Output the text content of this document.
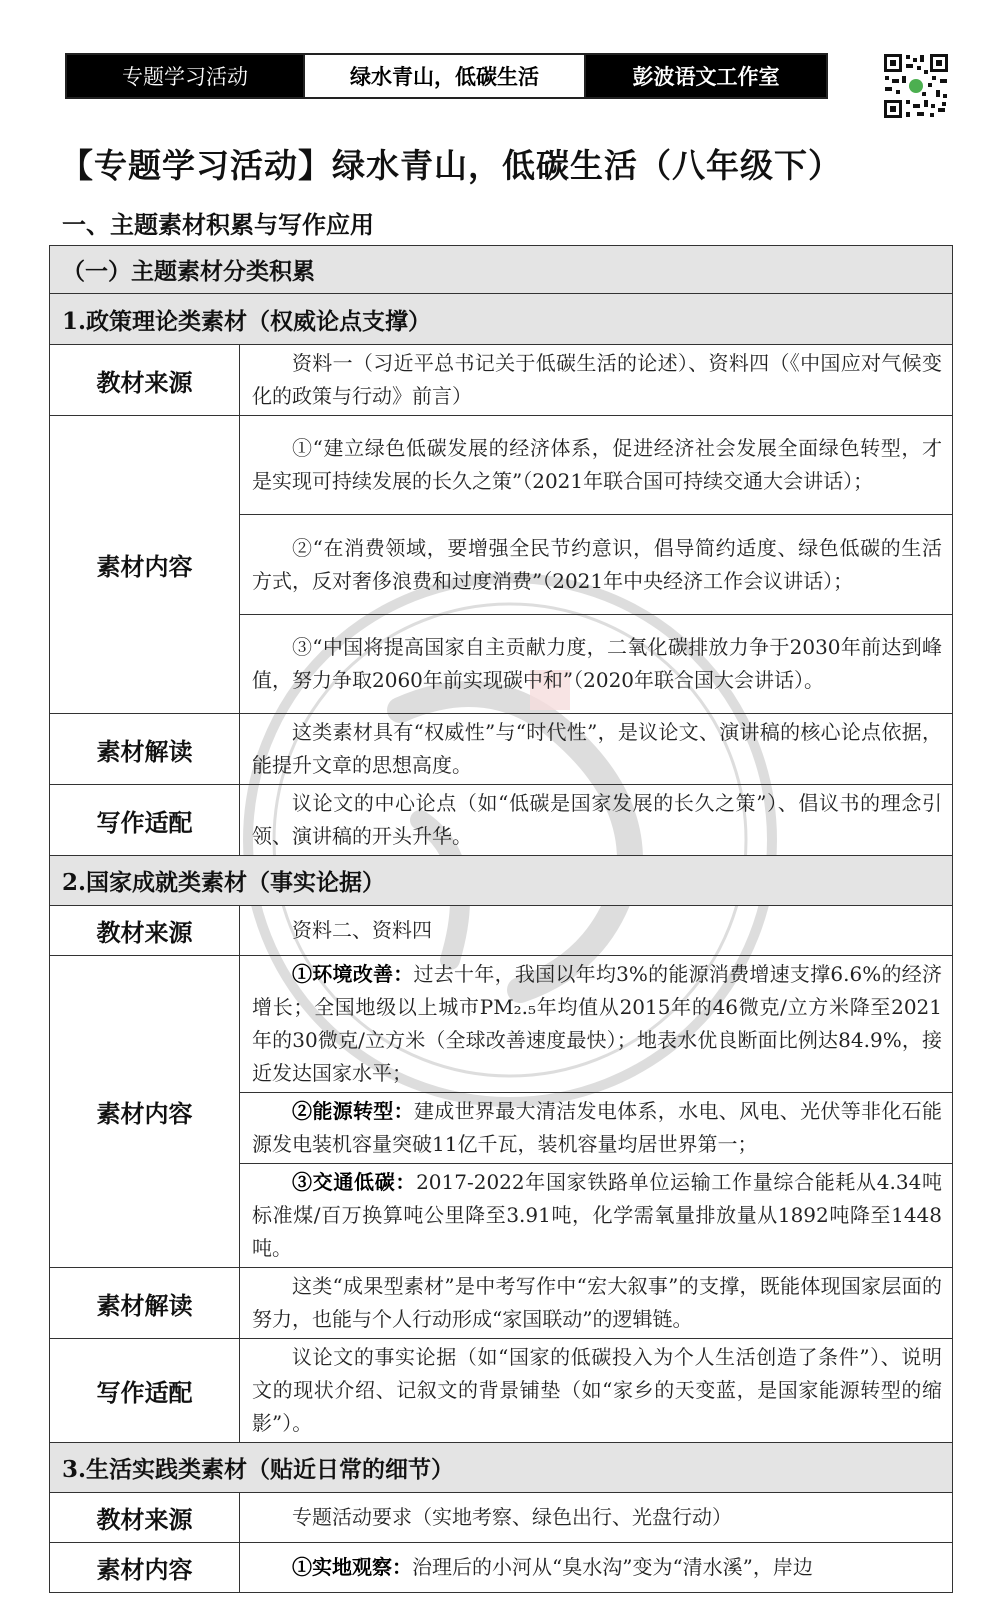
专题学习活动	绿水青山，低碳生活	彭波语文工作室
【专题学习活动】绿水青山，低碳生活（八年级下）
一、主题素材积累与写作应用
（一）主题素材分类积累	
1.政策理论类素材（权威论点支撑）	
教材来源	资料一（习近平总书记关于低碳生活的论述）、资料四（《中国应对气候变化的政策与行动》前言）
素材内容	①“建立绿色低碳发展的经济体系，促进经济社会发展全面绿色转型，才是实现可持续发展的长久之策”（2021年联合国可持续交通大会讲话）；
	②“在消费领域，要增强全民节约意识，倡导简约适度、绿色低碳的生活方式，反对奢侈浪费和过度消费”（2021年中央经济工作会议讲话）；
	③“中国将提高国家自主贡献力度，二氧化碳排放力争于2030年前达到峰值，努力争取2060年前实现碳中和”（2020年联合国大会讲话）。
素材解读	这类素材具有“权威性”与“时代性”，是议论文、演讲稿的核心论点依据，能提升文章的思想高度。
写作适配	议论文的中心论点（如“低碳是国家发展的长久之策”）、倡议书的理念引领、演讲稿的开头升华。
2.国家成就类素材（事实论据）	
教材来源	资料二、资料四
素材内容	①环境改善：过去十年，我国以年均3%的能源消费增速支撑6.6%的经济增长；全国地级以上城市PM₂.₅年均值从2015年的46微克/立方米降至2021年的30微克/立方米（全球改善速度最快）；地表水优良断面比例达84.9%，接近发达国家水平；
	②能源转型：建成世界最大清洁发电体系，水电、风电、光伏等非化石能源发电装机容量突破11亿千瓦，装机容量均居世界第一；
	③交通低碳：2017-2022年国家铁路单位运输工作量综合能耗从4.34吨标准煤/百万换算吨公里降至3.91吨，化学需氧量排放量从1892吨降至1448吨。
素材解读	这类“成果型素材”是中考写作中“宏大叙事”的支撑，既能体现国家层面的努力，也能与个人行动形成“家国联动”的逻辑链。
写作适配	议论文的事实论据（如“国家的低碳投入为个人生活创造了条件”）、说明文的现状介绍、记叙文的背景铺垫（如“家乡的天变蓝，是国家能源转型的缩影”）。
3.生活实践类素材（贴近日常的细节）	
教材来源	专题活动要求（实地考察、绿色出行、光盘行动）
素材内容	①实地观察：治理后的小河从“臭水沟”变为“清水溪”，岸边
